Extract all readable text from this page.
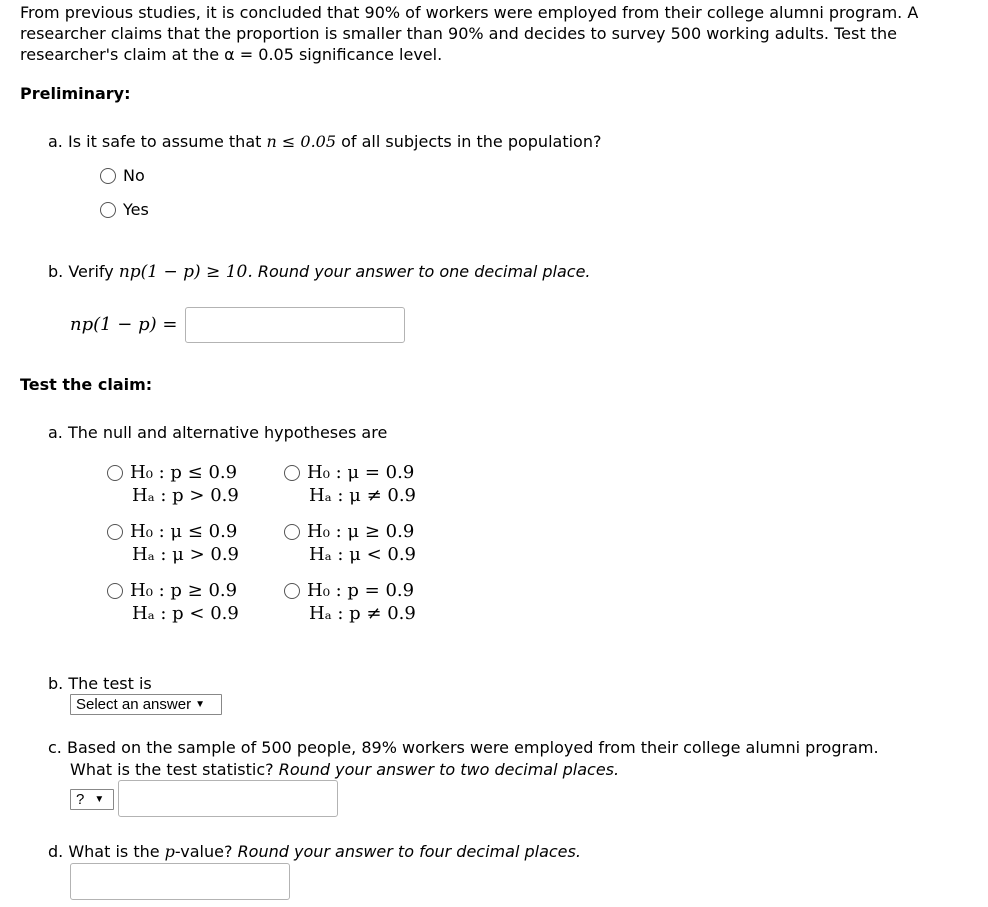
From previous studies, it is concluded that 90% of workers were employed from their college alumni program. A researcher claims that the proportion is smaller than 90% and decides to survey 500 working adults. Test the researcher's claim at the α = 0.05 significance level.
Preliminary:
a. Is it safe to assume that n ≤ 0.05 of all subjects in the population?
No
Yes
b. Verify np(1 − p) ≥ 10. Round your answer to one decimal place.
np(1 − p) =
Test the claim:
a. The null and alternative hypotheses are
H₀ : p ≤ 0.9
Hₐ : p > 0.9
H₀ : μ = 0.9
Hₐ : μ ≠ 0.9
H₀ : μ ≤ 0.9
Hₐ : μ > 0.9
H₀ : μ ≥ 0.9
Hₐ : μ < 0.9
H₀ : p ≥ 0.9
Hₐ : p < 0.9
H₀ : p = 0.9
Hₐ : p ≠ 0.9
b. The test is
Select an answer ▼
c. Based on the sample of 500 people, 89% workers were employed from their college alumni program.
What is the test statistic? Round your answer to two decimal places.
? ▼
d. What is the p-value? Round your answer to four decimal places.
